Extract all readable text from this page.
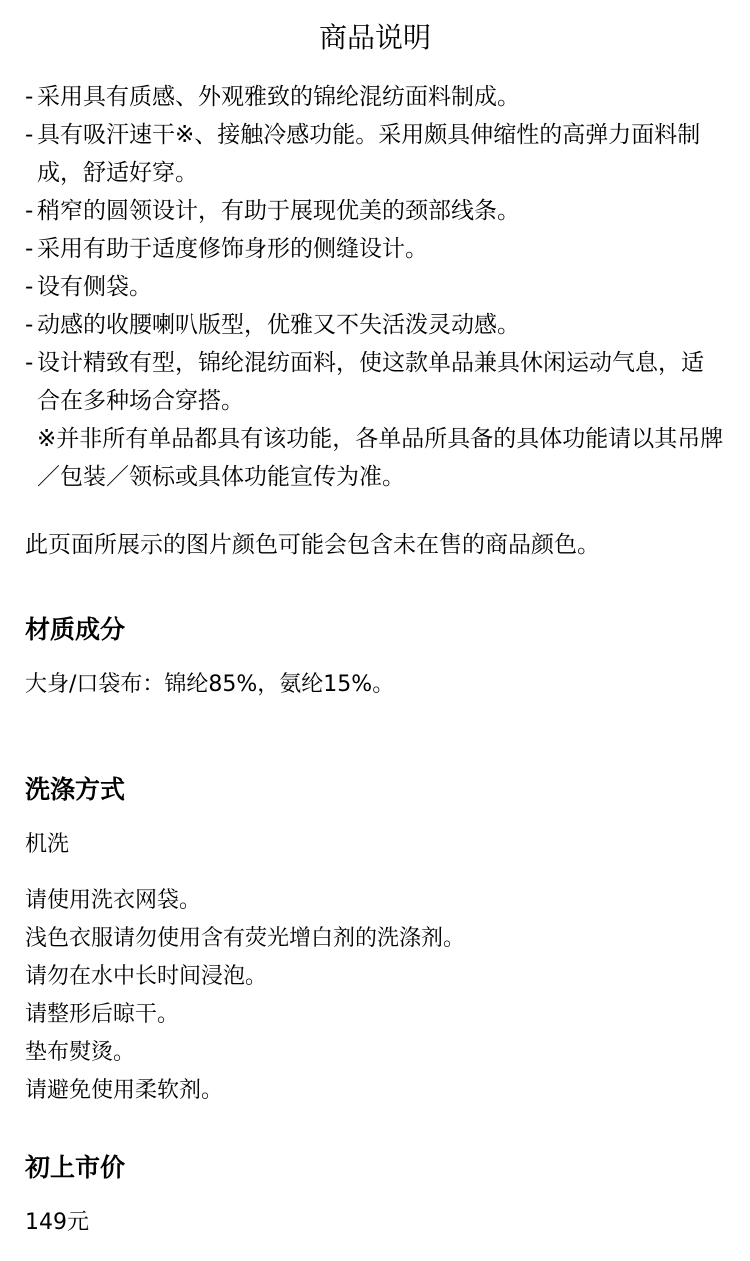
商品说明
- 采用具有质感、外观雅致的锦纶混纺面料制成。
- 具有吸汗速干※、接触冷感功能。采用颇具伸缩性的高弹力面料制成，舒适好穿。
- 稍窄的圆领设计，有助于展现优美的颈部线条。
- 采用有助于适度修饰身形的侧缝设计。
- 设有侧袋。
- 动感的收腰喇叭版型，优雅又不失活泼灵动感。
- 设计精致有型，锦纶混纺面料，使这款单品兼具休闲运动气息，适合在多种场合穿搭。
※并非所有单品都具有该功能，各单品所具备的具体功能请以其吊牌／包装／领标或具体功能宣传为准。
此页面所展示的图片颜色可能会包含未在售的商品颜色。
材质成分
大身/口袋布：锦纶85%，氨纶15%。
洗涤方式
机洗
请使用洗衣网袋。
浅色衣服请勿使用含有荧光增白剂的洗涤剂。
请勿在水中长时间浸泡。
请整形后晾干。
垫布熨烫。
请避免使用柔软剂。
初上市价
149元
